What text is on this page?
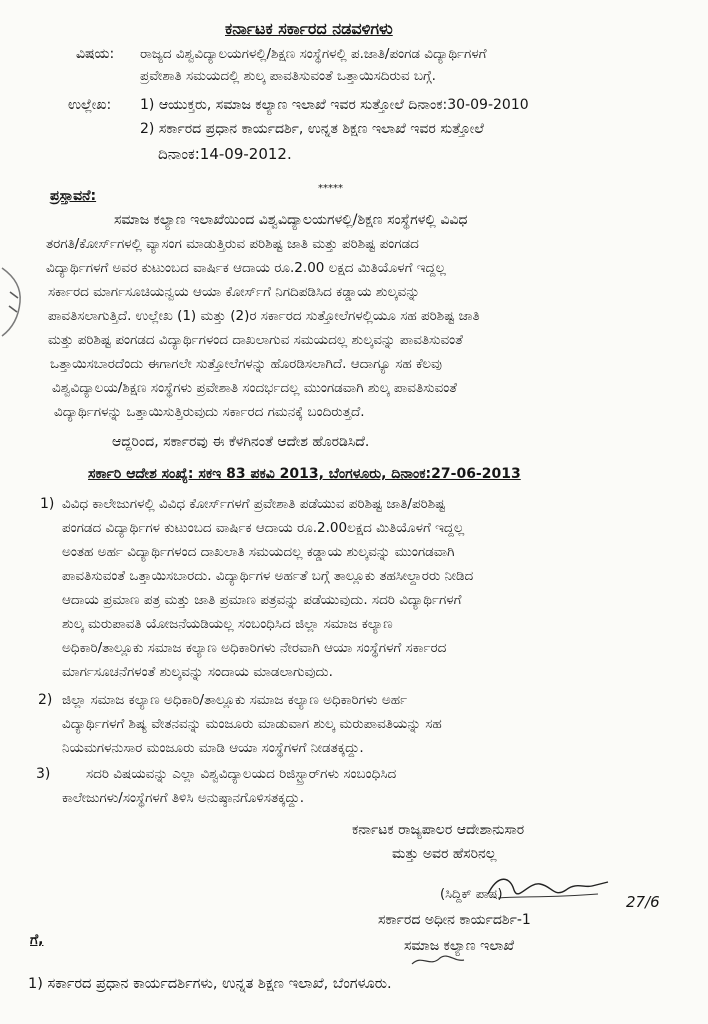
ಕರ್ನಾಟಕ ಸರ್ಕಾರದ ನಡವಳಿಗಳು
ವಿಷಯ: ರಾಜ್ಯದ ವಿಶ್ವವಿದ್ಯಾಲಯಗಳಲ್ಲಿ/ಶಿಕ್ಷಣ ಸಂಸ್ಥೆಗಳಲ್ಲಿ ಪ.ಜಾತಿ/ಪಂಗಡ ವಿದ್ಯಾರ್ಥಿಗಳಗೆ
ಪ್ರವೇಶಾತಿ ಸಮಯದಲ್ಲಿ ಶುಲ್ಕ ಪಾವತಿಸುವಂತೆ ಒತ್ತಾಯಿಸದಿರುವ ಬಗ್ಗೆ.
ಉಲ್ಲೇಖ: 1) ಆಯುಕ್ತರು, ಸಮಾಜ ಕಲ್ಯಾಣ ಇಲಾಖೆ ಇವರ ಸುತ್ತೋಲೆ ದಿನಾಂಕ:30-09-2010
2) ಸರ್ಕಾರದ ಪ್ರಧಾನ ಕಾರ್ಯದರ್ಶಿ, ಉನ್ನತ ಶಿಕ್ಷಣ ಇಲಾಖೆ ಇವರ ಸುತ್ತೋಲೆ
ದಿನಾಂಕ:14-09-2012.
ಪ್ರಸ್ತಾವನೆ:	*****
ಸಮಾಜ ಕಲ್ಯಾಣ ಇಲಾಖೆಯಿಂದ ವಿಶ್ವವಿದ್ಯಾಲಯಗಳಲ್ಲಿ/ಶಿಕ್ಷಣ ಸಂಸ್ಥೆಗಳಲ್ಲಿ ವಿವಿಧ
ತರಗತಿ/ಕೋರ್ಸ್‌ಗಳಲ್ಲಿ ವ್ಯಾಸಂಗ ಮಾಡುತ್ತಿರುವ ಪರಿಶಿಷ್ಟ ಜಾತಿ ಮತ್ತು ಪರಿಶಿಷ್ಟ ಪಂಗಡದ
ವಿದ್ಯಾರ್ಥಿಗಳಗೆ ಅವರ ಕುಟುಂಬದ ವಾರ್ಷಿಕ ಆದಾಯ ರೂ.2.00 ಲಕ್ಷದ ಮಿತಿಯೊಳಗೆ ಇದ್ದಲ್ಲ
ಸರ್ಕಾರದ ಮಾರ್ಗಸೂಚಿಯನ್ವಯ ಆಯಾ ಕೋರ್ಸ್‌ಗೆ ನಿಗದಿಪಡಿಸಿದ ಕಡ್ಡಾಯ ಶುಲ್ಕವನ್ನು
ಪಾವತಿಸಲಾಗುತ್ತಿದೆ. ಉಲ್ಲೇಖ (1) ಮತ್ತು (2)ರ ಸರ್ಕಾರದ ಸುತ್ತೋಲೆಗಳಲ್ಲಿಯೂ ಸಹ ಪರಿಶಿಷ್ಟ ಜಾತಿ
ಮತ್ತು ಪರಿಶಿಷ್ಟ ಪಂಗಡದ ವಿದ್ಯಾರ್ಥಿಗಳಂದ ದಾಖಲಾಗುವ ಸಮಯದಲ್ಲ ಶುಲ್ಕವನ್ನು ಪಾವತಿಸುವಂತೆ
ಒತ್ತಾಯಿಸಬಾರದೆಂದು ಈಗಾಗಲೇ ಸುತ್ತೋಲೆಗಳನ್ನು ಹೊರಡಿಸಲಾಗಿದೆ. ಆದಾಗ್ಯೂ ಸಹ ಕೆಲವು
ವಿಶ್ವವಿದ್ಯಾಲಯ/ಶಿಕ್ಷಣ ಸಂಸ್ಥೆಗಳು ಪ್ರವೇಶಾತಿ ಸಂದರ್ಭದಲ್ಲ ಮುಂಗಡವಾಗಿ ಶುಲ್ಕ ಪಾವತಿಸುವಂತೆ
ವಿದ್ಯಾರ್ಥಿಗಳನ್ನು ಒತ್ತಾಯಿಸುತ್ತಿರುವುದು ಸರ್ಕಾರದ ಗಮನಕ್ಕೆ ಬಂದಿರುತ್ತದೆ.
ಆದ್ದರಿಂದ, ಸರ್ಕಾರವು ಈ ಕೆಳಗಿನಂತೆ ಆದೇಶ ಹೊರಡಿಸಿದೆ.
ಸರ್ಕಾರಿ ಆದೇಶ ಸಂಖ್ಯೆ: ಸಕಇ 83 ಪಕವಿ 2013, ಬೆಂಗಳೂರು, ದಿನಾಂಕ:27-06-2013
1) ವಿವಿಧ ಕಾಲೇಜುಗಳಲ್ಲಿ ವಿವಿಧ ಕೋರ್ಸ್‌ಗಳಗೆ ಪ್ರವೇಶಾತಿ ಪಡೆಯುವ ಪರಿಶಿಷ್ಟ ಜಾತಿ/ಪರಿಶಿಷ್ಟ
ಪಂಗಡದ ವಿದ್ಯಾರ್ಥಿಗಳ ಕುಟುಂಬದ ವಾರ್ಷಿಕ ಆದಾಯ ರೂ.2.00ಲಕ್ಷದ ಮಿತಿಯೊಳಗೆ ಇದ್ದಲ್ಲ
ಅಂತಹ ಅರ್ಹ ವಿದ್ಯಾರ್ಥಿಗಳಂದ ದಾಖಲಾತಿ ಸಮಯದಲ್ಲ ಕಡ್ಡಾಯ ಶುಲ್ಕವನ್ನು ಮುಂಗಡವಾಗಿ
ಪಾವತಿಸುವಂತೆ ಒತ್ತಾಯಿಸಬಾರದು. ವಿದ್ಯಾರ್ಥಿಗಳ ಅರ್ಹತೆ ಬಗ್ಗೆ ತಾಲ್ಲೂಕು ತಹಸೀಲ್ದಾರರು ನೀಡಿದ
ಆದಾಯ ಪ್ರಮಾಣ ಪತ್ರ ಮತ್ತು ಜಾತಿ ಪ್ರಮಾಣ ಪತ್ರವನ್ನು ಪಡೆಯುವುದು. ಸದರಿ ವಿದ್ಯಾರ್ಥಿಗಳಗೆ
ಶುಲ್ಕ ಮರುಪಾವತಿ ಯೋಜನೆಯಡಿಯಲ್ಲ ಸಂಬಂಧಿಸಿದ ಜಿಲ್ಲಾ ಸಮಾಜ ಕಲ್ಯಾಣ
ಅಧಿಕಾರಿ/ತಾಲ್ಲೂಕು ಸಮಾಜ ಕಲ್ಯಾಣ ಅಧಿಕಾರಿಗಳು ನೇರವಾಗಿ ಆಯಾ ಸಂಸ್ಥೆಗಳಗೆ ಸರ್ಕಾರದ
ಮಾರ್ಗಸೂಚನೆಗಳಂತೆ ಶುಲ್ಕವನ್ನು ಸಂದಾಯ ಮಾಡಲಾಗುವುದು.
2) ಜಿಲ್ಲಾ ಸಮಾಜ ಕಲ್ಯಾಣ ಅಧಿಕಾರಿ/ತಾಲ್ಲೂಕು ಸಮಾಜ ಕಲ್ಯಾಣ ಅಧಿಕಾರಿಗಳು ಅರ್ಹ
ವಿದ್ಯಾರ್ಥಿಗಳಗೆ ಶಿಷ್ಯ ವೇತನವನ್ನು ಮಂಜೂರು ಮಾಡುವಾಗ ಶುಲ್ಕ ಮರುಪಾವತಿಯನ್ನು ಸಹ
ನಿಯಮಗಳನುಸಾರ ಮಂಜೂರು ಮಾಡಿ ಆಯಾ ಸಂಸ್ಥೆಗಳಗೆ ನೀಡತಕ್ಕದ್ದು.
3)	ಸದರಿ ವಿಷಯವನ್ನು ಎಲ್ಲಾ ವಿಶ್ವವಿದ್ಯಾಲಯದ ರಿಜಿಸ್ಟ್ರಾರ್‌ಗಳು ಸಂಬಂಧಿಸಿದ
ಕಾಲೇಜುಗಳು/ಸಂಸ್ಥೆಗಳಗೆ ತಿಳಿಸಿ ಅನುಷ್ಠಾನಗೊಳಿಸತಕ್ಕದ್ದು.
ಕರ್ನಾಟಕ ರಾಜ್ಯಪಾಲರ ಆದೇಶಾನುಸಾರ
ಮತ್ತು ಅವರ ಹೆಸರಿನಲ್ಲ
27/6
(ಸಿದ್ದಿಕ್ ಪಾಷ)
ಸರ್ಕಾರದ ಅಧೀನ ಕಾರ್ಯದರ್ಶಿ-1
ಸಮಾಜ ಕಲ್ಯಾಣ ಇಲಾಖೆ
ಗೆ,
1) ಸರ್ಕಾರದ ಪ್ರಧಾನ ಕಾರ್ಯದರ್ಶಿಗಳು, ಉನ್ನತ ಶಿಕ್ಷಣ ಇಲಾಖೆ, ಬೆಂಗಳೂರು.
